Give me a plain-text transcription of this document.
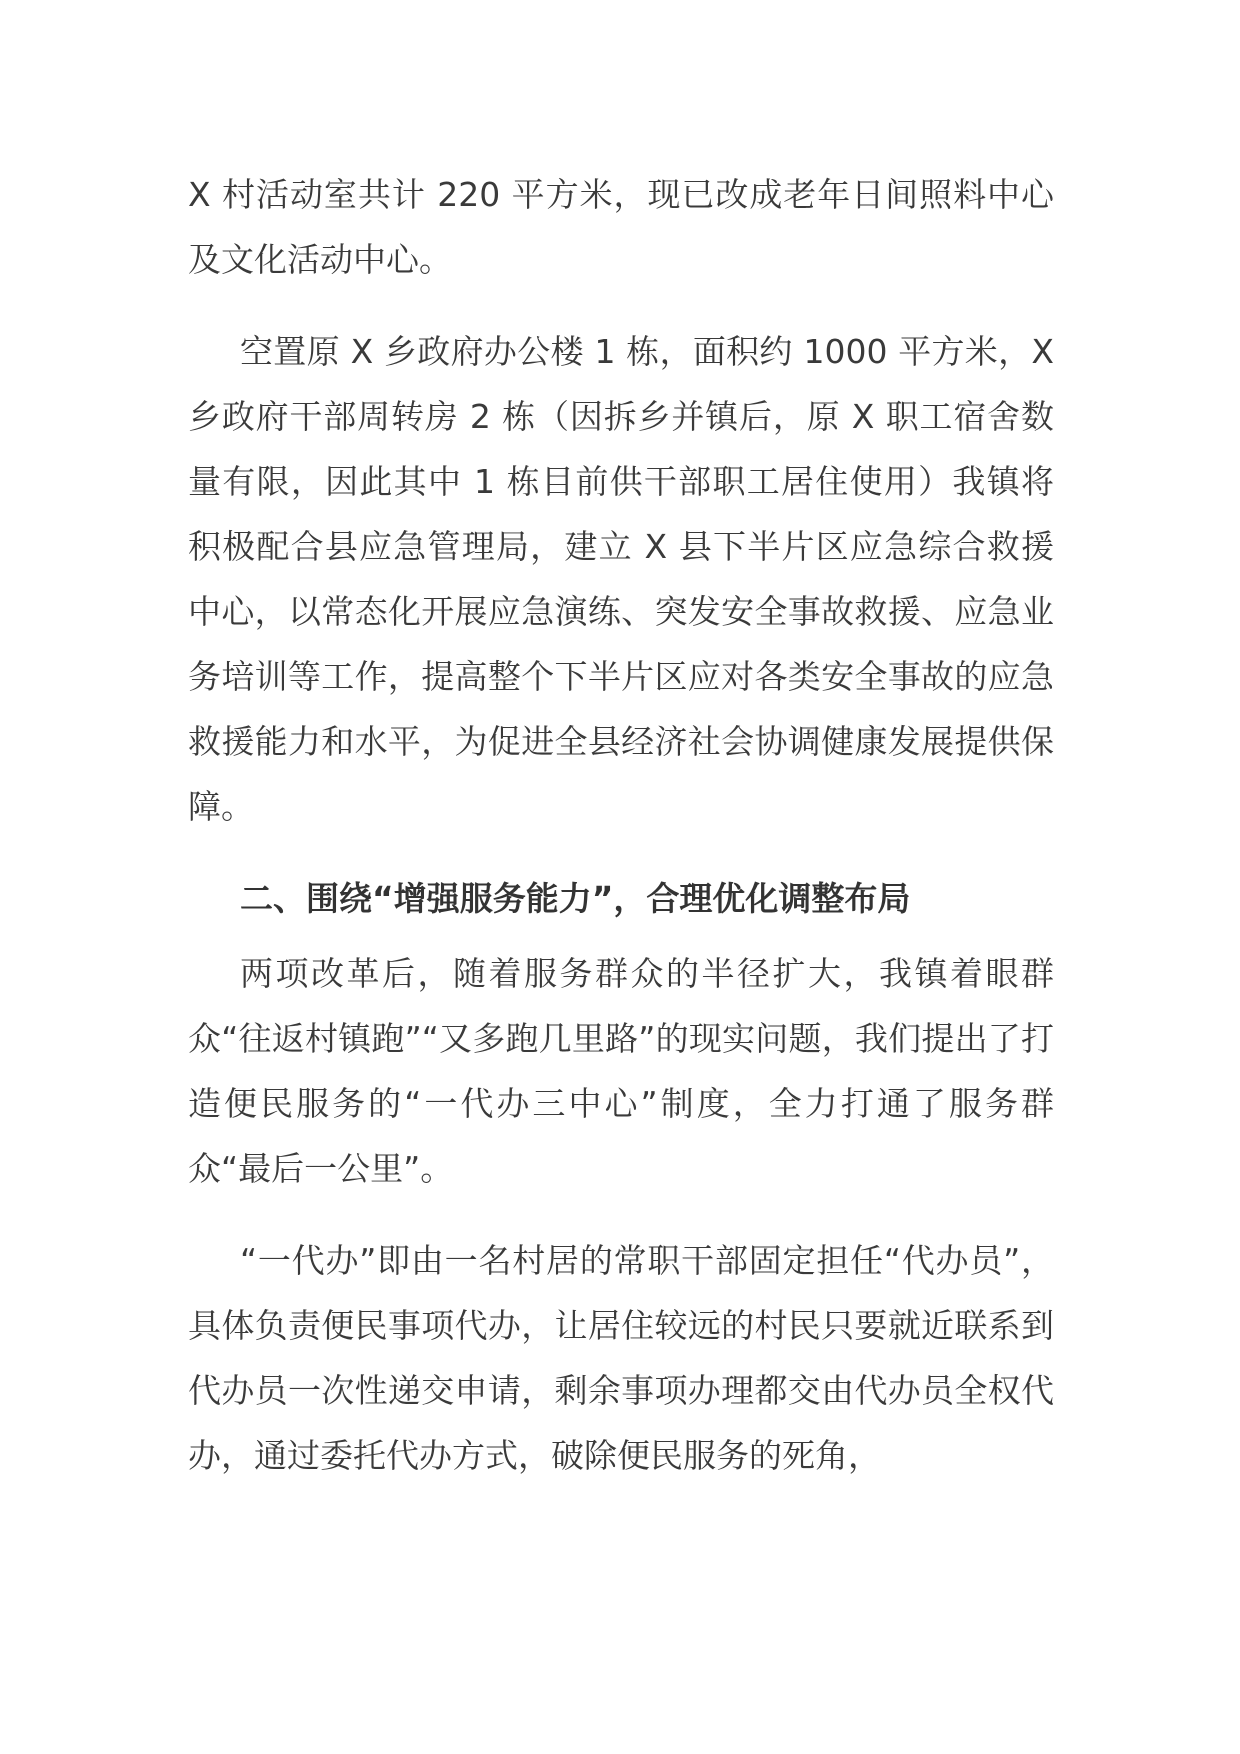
X 村活动室共计 220 平方米，现已改成老年日间照料中心及文化活动中心。

空置原 X 乡政府办公楼 1 栋，面积约 1000 平方米，X 乡政府干部周转房 2 栋（因拆乡并镇后，原 X 职工宿舍数量有限，因此其中 1 栋目前供干部职工居住使用）我镇将积极配合县应急管理局，建立 X 县下半片区应急综合救援中心，以常态化开展应急演练、突发安全事故救援、应急业务培训等工作，提高整个下半片区应对各类安全事故的应急救援能力和水平，为促进全县经济社会协调健康发展提供保障。

二、围绕“增强服务能力”，合理优化调整布局

两项改革后，随着服务群众的半径扩大，我镇着眼群众“往返村镇跑”“又多跑几里路”的现实问题，我们提出了打造便民服务的“一代办三中心”制度，全力打通了服务群众“最后一公里”。

“一代办”即由一名村居的常职干部固定担任“代办员”，具体负责便民事项代办，让居住较远的村民只要就近联系到代办员一次性递交申请，剩余事项办理都交由代办员全权代办，通过委托代办方式，破除便民服务的死角，
